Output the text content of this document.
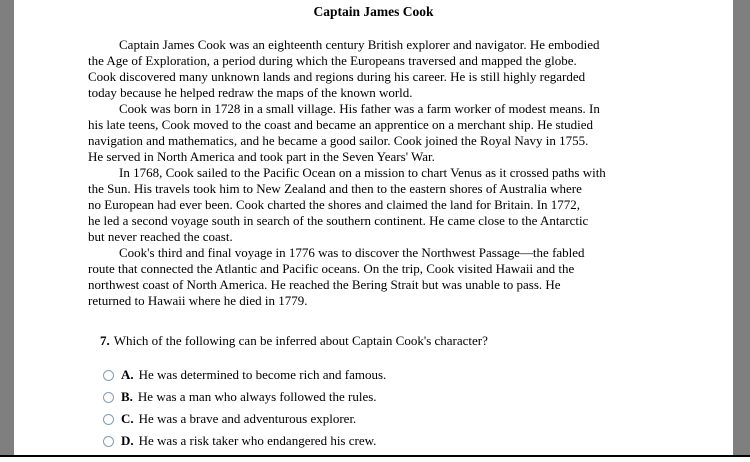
Captain James Cook
Captain James Cook was an eighteenth century British explorer and navigator. He embodied
the Age of Exploration, a period during which the Europeans traversed and mapped the globe.
Cook discovered many unknown lands and regions during his career. He is still highly regarded
today because he helped redraw the maps of the known world.
Cook was born in 1728 in a small village. His father was a farm worker of modest means. In
his late teens, Cook moved to the coast and became an apprentice on a merchant ship. He studied
navigation and mathematics, and he became a good sailor. Cook joined the Royal Navy in 1755.
He served in North America and took part in the Seven Years' War.
In 1768, Cook sailed to the Pacific Ocean on a mission to chart Venus as it crossed paths with
the Sun. His travels took him to New Zealand and then to the eastern shores of Australia where
no European had ever been. Cook charted the shores and claimed the land for Britain. In 1772,
he led a second voyage south in search of the southern continent. He came close to the Antarctic
but never reached the coast.
Cook's third and final voyage in 1776 was to discover the Northwest Passage—the fabled
route that connected the Atlantic and Pacific oceans. On the trip, Cook visited Hawaii and the
northwest coast of North America. He reached the Bering Strait but was unable to pass. He
returned to Hawaii where he died in 1779.
7. Which of the following can be inferred about Captain Cook's character?
A. He was determined to become rich and famous.
B. He was a man who always followed the rules.
C. He was a brave and adventurous explorer.
D. He was a risk taker who endangered his crew.
